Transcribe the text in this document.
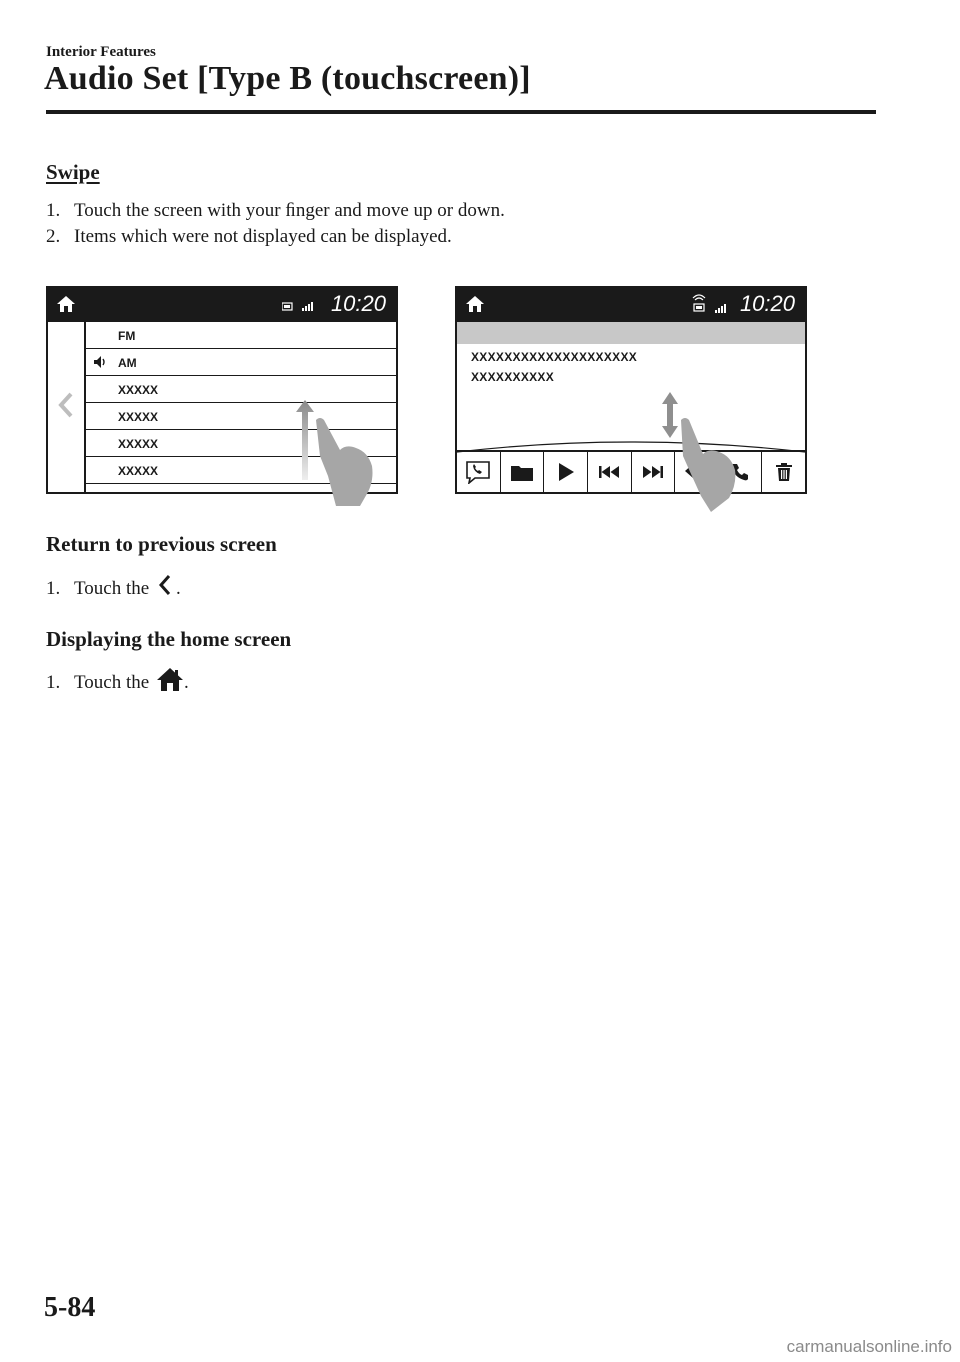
Interior Features
Audio Set [Type B (touchscreen)]
Swipe
1. Touch the screen with your ﬁnger and move up or down.
2. Items which were not displayed can be displayed.
10:20
FM
AM
XXXXX
XXXXX
XXXXX
XXXXX
10:20
XXXXXXXXXXXXXXXXXXXX
XXXXXXXXXX
Return to previous screen
1. Touch the .
Displaying the home screen
1. Touch the .
5-84
carmanualsonline.info
